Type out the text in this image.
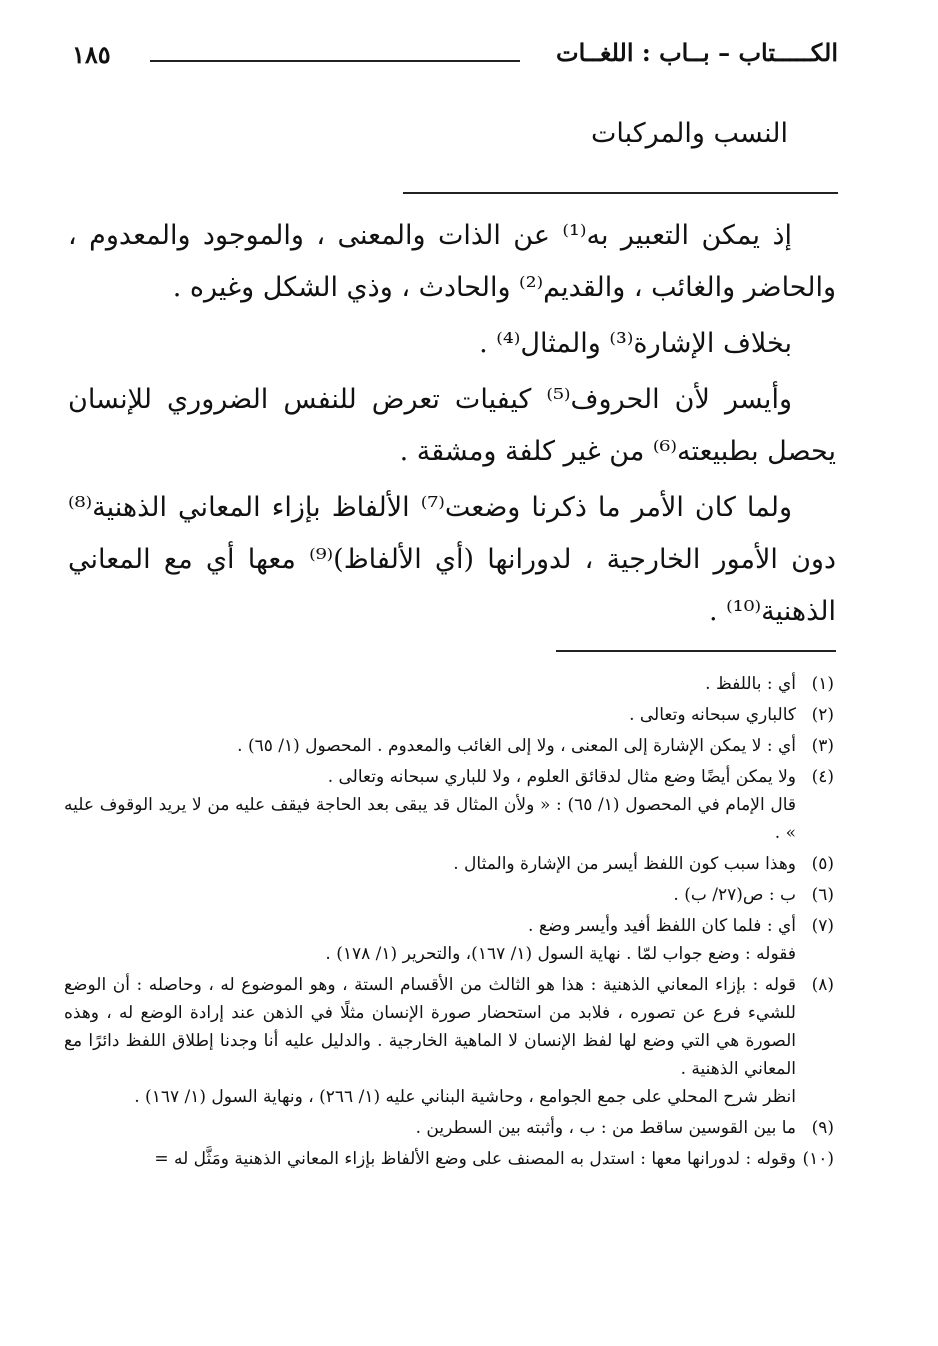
الكـــــتاب – بــاب : اللغــات
١٨٥
النسب والمركبات

إذ يمكن التعبير به⁽¹⁾ عن الذات والمعنى ، والموجود والمعدوم ، والحاضر والغائب ، والقديم⁽²⁾ والحادث ، وذي الشكل وغيره .

بخلاف الإشارة⁽³⁾ والمثال⁽⁴⁾ .

وأيسر لأن الحروف⁽⁵⁾ كيفيات تعرض للنفس الضروري للإنسان يحصل بطبيعته⁽⁶⁾ من غير كلفة ومشقة .

ولما كان الأمر ما ذكرنا وضعت⁽⁷⁾ الألفاظ بإزاء المعاني الذهنية⁽⁸⁾ دون الأمور الخارجية ، لدورانها (أي الألفاظ)⁽⁹⁾ معها أي مع المعاني الذهنية⁽¹⁰⁾ .

(١)
أي : باللفظ .
(٢)
كالباري سبحانه وتعالى .
(٣)
أي : لا يمكن الإشارة إلى المعنى ، ولا إلى الغائب والمعدوم . المحصول (١/ ٦٥) .
(٤)
ولا يمكن أيضًا وضع مثال لدقائق العلوم ، ولا للباري سبحانه وتعالى .
قال الإمام في المحصول (١/ ٦٥) : « ولأن المثال قد يبقى بعد الحاجة فيقف عليه من لا يريد الوقوف عليه » .
(٥)
وهذا سبب كون اللفظ أيسر من الإشارة والمثال .
(٦)
ب : ص(٢٧/ ب) .
(٧)
أي : فلما كان اللفظ أفيد وأيسر وضع .
فقوله : وضع جواب لمّا . نهاية السول (١/ ١٦٧)، والتحرير (١/ ١٧٨) .
(٨)
قوله : بإزاء المعاني الذهنية : هذا هو الثالث من الأقسام الستة ، وهو الموضوع له ، وحاصله : أن الوضع للشيء فرع عن تصوره ، فلابد من استحضار صورة الإنسان مثلًا في الذهن عند إرادة الوضع له ، وهذه الصورة هي التي وضع لها لفظ الإنسان لا الماهية الخارجية . والدليل عليه أنا وجدنا إطلاق اللفظ دائرًا مع المعاني الذهنية .
انظر شرح المحلي على جمع الجوامع ، وحاشية البناني عليه (١/ ٢٦٦) ، ونهاية السول (١/ ١٦٧) .
(٩)
ما بين القوسين ساقط من : ب ، وأثبته بين السطرين .
(١٠)
وقوله : لدورانها معها : استدل به المصنف على وضع الألفاظ بإزاء المعاني الذهنية ومَثَّل له =
